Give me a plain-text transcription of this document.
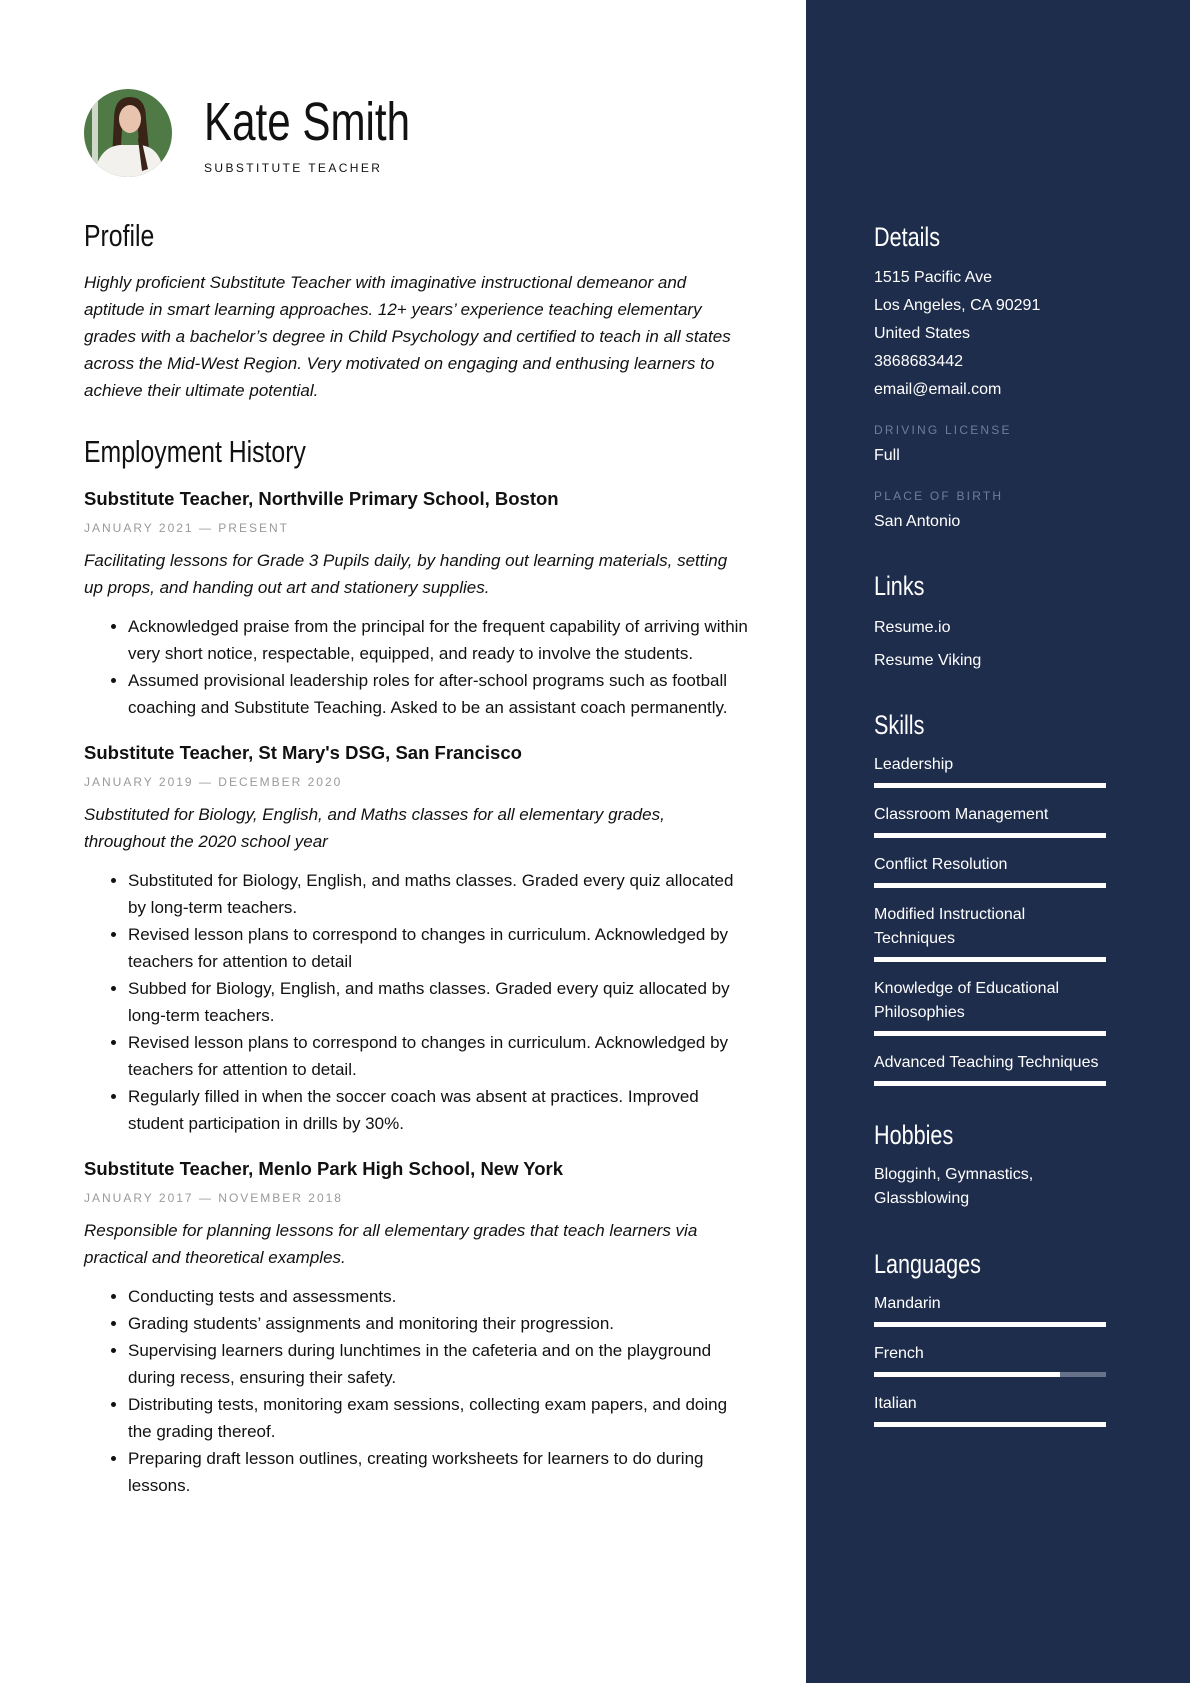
Kate Smith
SUBSTITUTE TEACHER
Profile

Highly proficient Substitute Teacher with imaginative instructional demeanor and aptitude in smart learning approaches. 12+ years’ experience teaching elementary grades with a bachelor’s degree in Child Psychology and certified to teach in all states across the Mid-West Region. Very motivated on engaging and enthusing learners to achieve their ultimate potential.

Employment History
Substitute Teacher, Northville Primary School, Boston
JANUARY 2021 — PRESENT

Facilitating lessons for Grade 3 Pupils daily, by handing out learning materials, setting up props, and handing out art and stationery supplies.

• Acknowledged praise from the principal for the frequent capability of arriving within very short notice, respectable, equipped, and ready to involve the students.
• Assumed provisional leadership roles for after-school programs such as football coaching and Substitute Teaching. Asked to be an assistant coach permanently.
Substitute Teacher, St Mary's DSG, San Francisco
JANUARY 2019 — DECEMBER 2020

Substituted for Biology, English, and Maths classes for all elementary grades, throughout the 2020 school year

• Substituted for Biology, English, and maths classes. Graded every quiz allocated by long-term teachers.
• Revised lesson plans to correspond to changes in curriculum. Acknowledged by teachers for attention to detail
• Subbed for Biology, English, and maths classes. Graded every quiz allocated by long-term teachers.
• Revised lesson plans to correspond to changes in curriculum. Acknowledged by teachers for attention to detail.
• Regularly filled in when the soccer coach was absent at practices. Improved student participation in drills by 30%.
Substitute Teacher, Menlo Park High School, New York
JANUARY 2017 — NOVEMBER 2018

Responsible for planning lessons for all elementary grades that teach learners via practical and theoretical examples.

• Conducting tests and assessments.
• Grading students’ assignments and monitoring their progression.
• Supervising learners during lunchtimes in the cafeteria and on the playground during recess, ensuring their safety.
• Distributing tests, monitoring exam sessions, collecting exam papers, and doing the grading thereof.
• Preparing draft lesson outlines, creating worksheets for learners to do during lessons.
Details
1515 Pacific Ave
Los Angeles, CA 90291
United States
3868683442
email@email.com
DRIVING LICENSE
Full
PLACE OF BIRTH
San Antonio
Links
Resume.io
Resume Viking
Skills
Leadership
Classroom Management
Conflict Resolution
Modified Instructional Techniques
Knowledge of Educational Philosophies
Advanced Teaching Techniques
Hobbies
Blogginh, Gymnastics, Glassblowing
Languages
Mandarin
French
Italian
